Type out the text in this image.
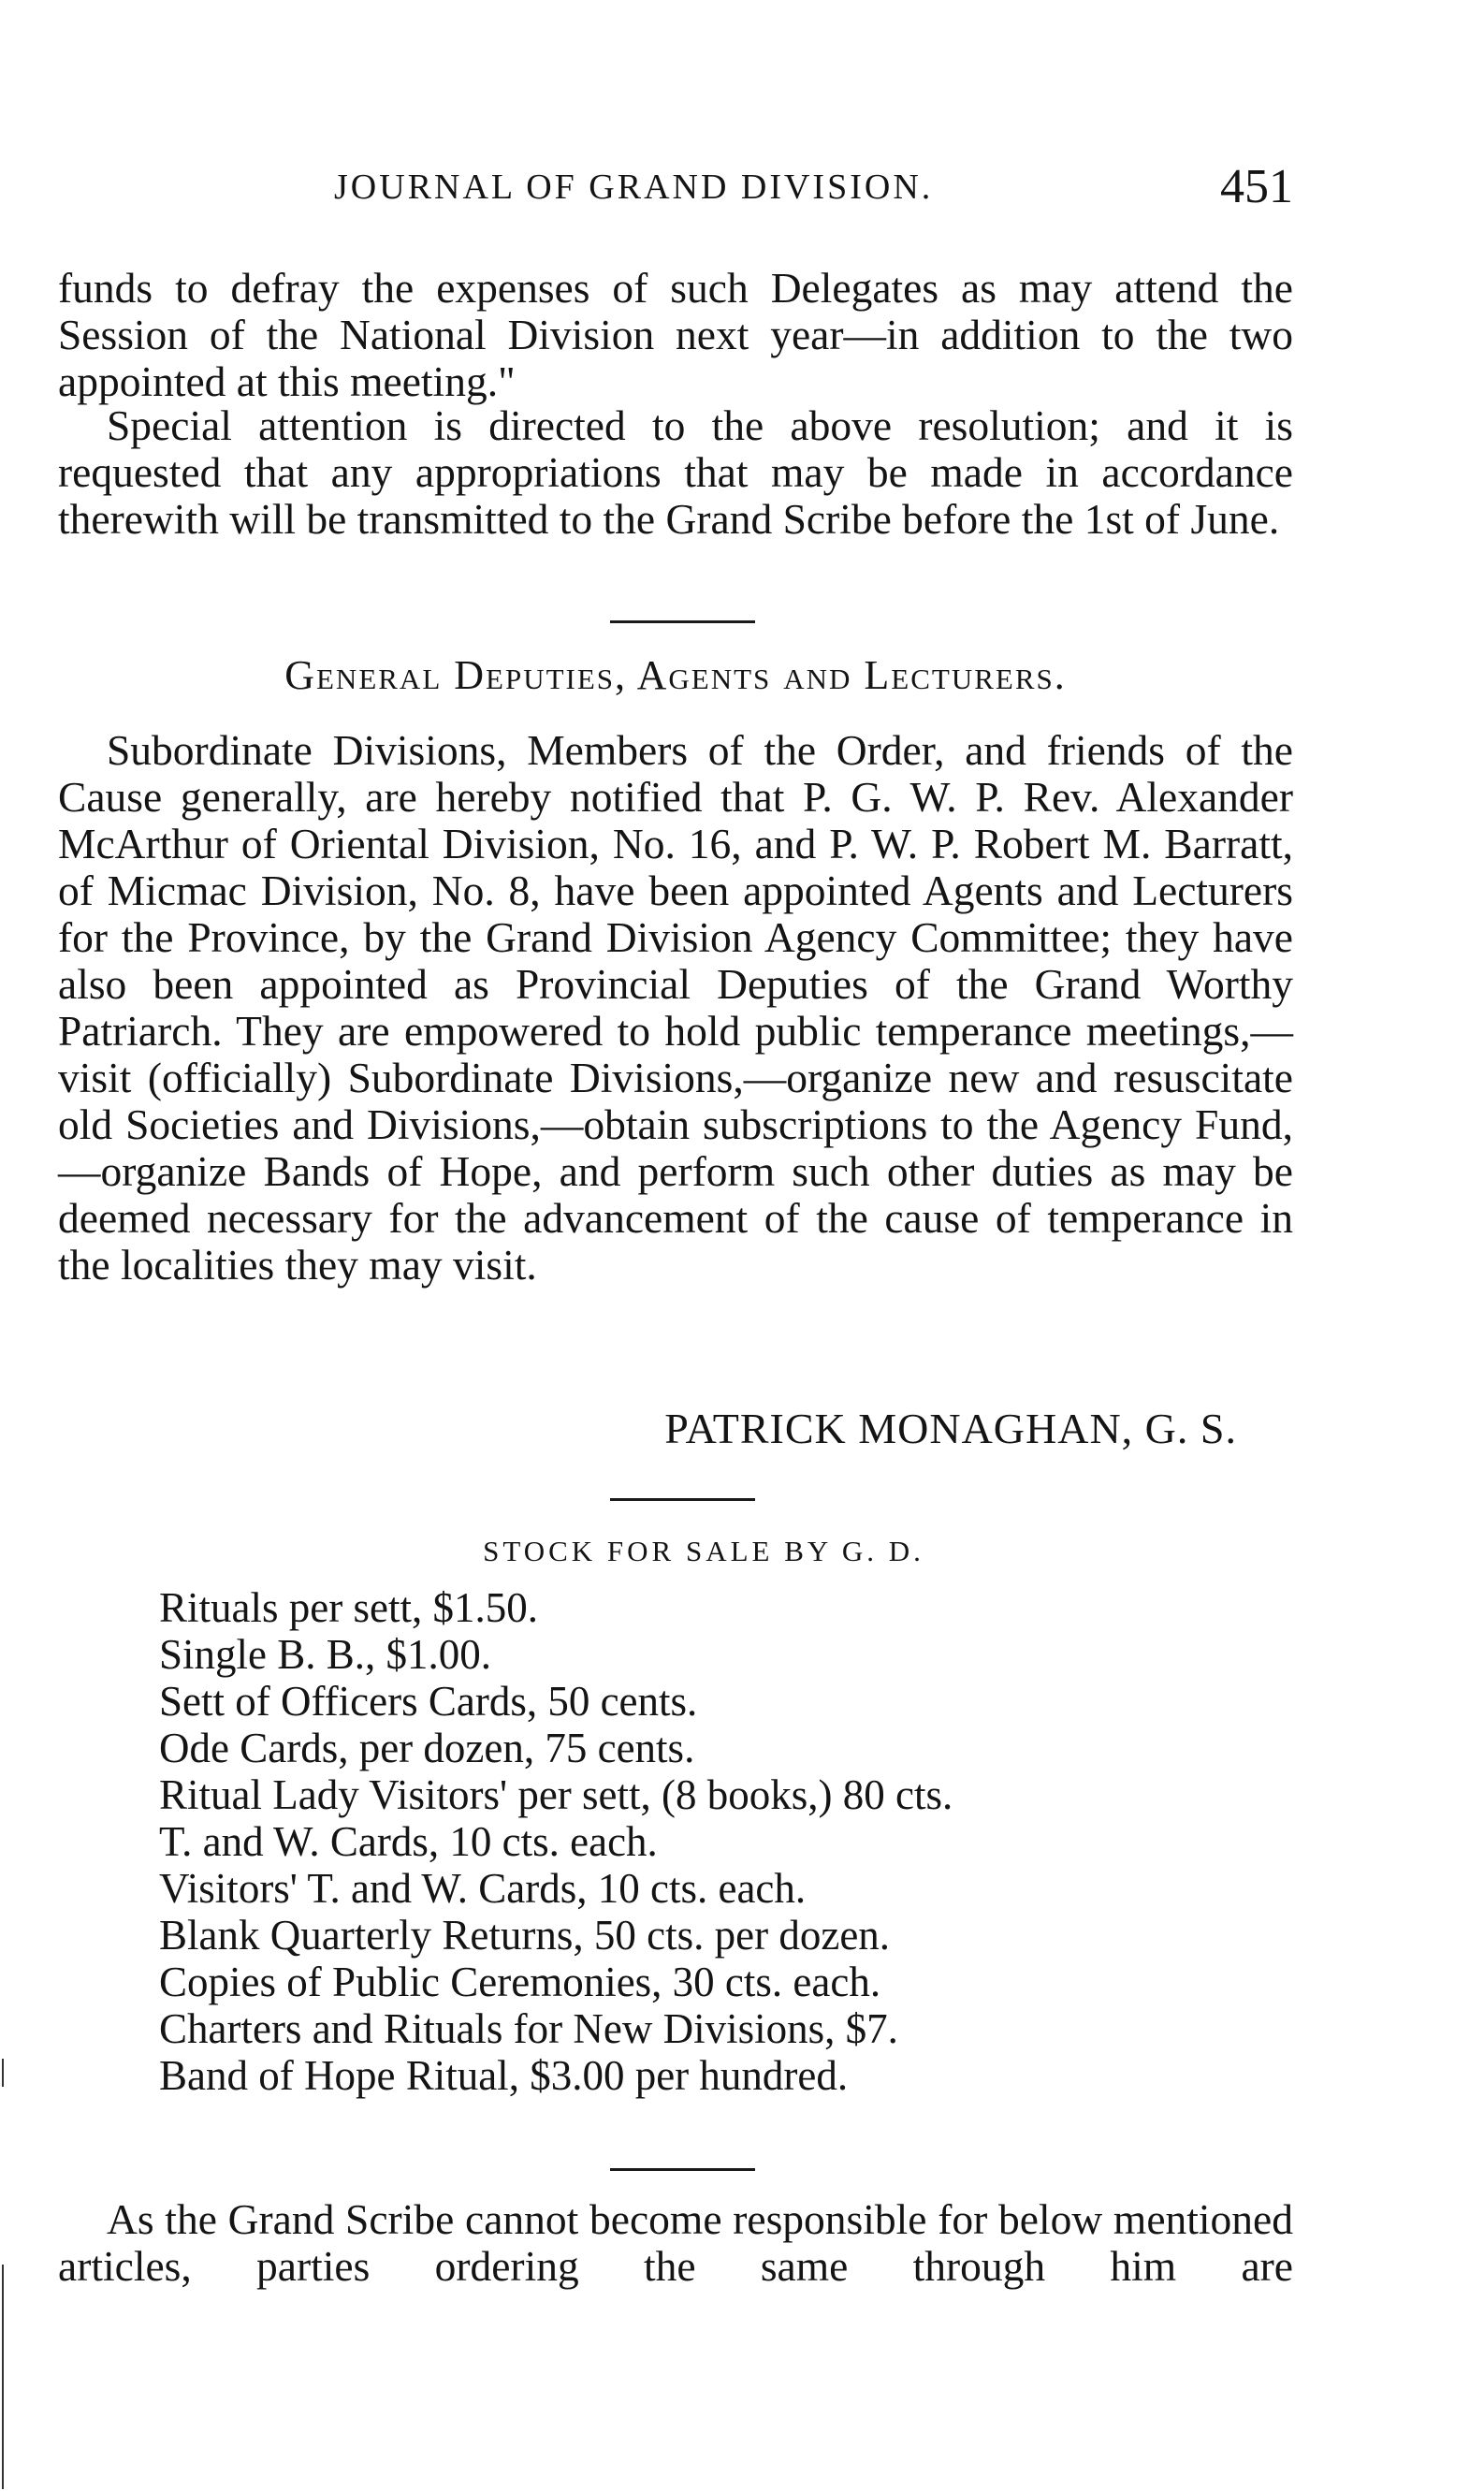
JOURNAL OF GRAND DIVISION.	451

funds to defray the expenses of such Delegates as may attend the Session of the National Division next year—in addition to the two appointed at this meeting."

Special attention is directed to the above resolution; and it is requested that any appropriations that may be made in accordance therewith will be transmitted to the Grand Scribe before the 1st of June.

General Deputies, Agents and Lecturers.

Subordinate Divisions, Members of the Order, and friends of the Cause generally, are hereby notified that P. G. W. P. Rev. Alexander McArthur of Oriental Division, No. 16, and P. W. P. Robert M. Barratt, of Micmac Division, No. 8, have been appointed Agents and Lecturers for the Province, by the Grand Division Agency Committee; they have also been appointed as Provincial Deputies of the Grand Worthy Patriarch. They are empowered to hold public temperance meetings,—visit (officially) Subordinate Divisions,—organize new and resuscitate old Societies and Divisions,—obtain subscriptions to the Agency Fund,—organize Bands of Hope, and perform such other duties as may be deemed necessary for the advancement of the cause of temperance in the localities they may visit.

PATRICK MONAGHAN, G. S.
STOCK FOR SALE BY G. D.
Rituals per sett, $1.50.
Single B. B., $1.00.
Sett of Officers Cards, 50 cents.
Ode Cards, per dozen, 75 cents.
Ritual Lady Visitors' per sett, (8 books,) 80 cts.
T. and W. Cards, 10 cts. each.
Visitors' T. and W. Cards, 10 cts. each.
Blank Quarterly Returns, 50 cts. per dozen.
Copies of Public Ceremonies, 30 cts. each.
Charters and Rituals for New Divisions, $7.
Band of Hope Ritual, $3.00 per hundred.

As the Grand Scribe cannot become responsible for below mentioned articles, parties ordering the same through him are
